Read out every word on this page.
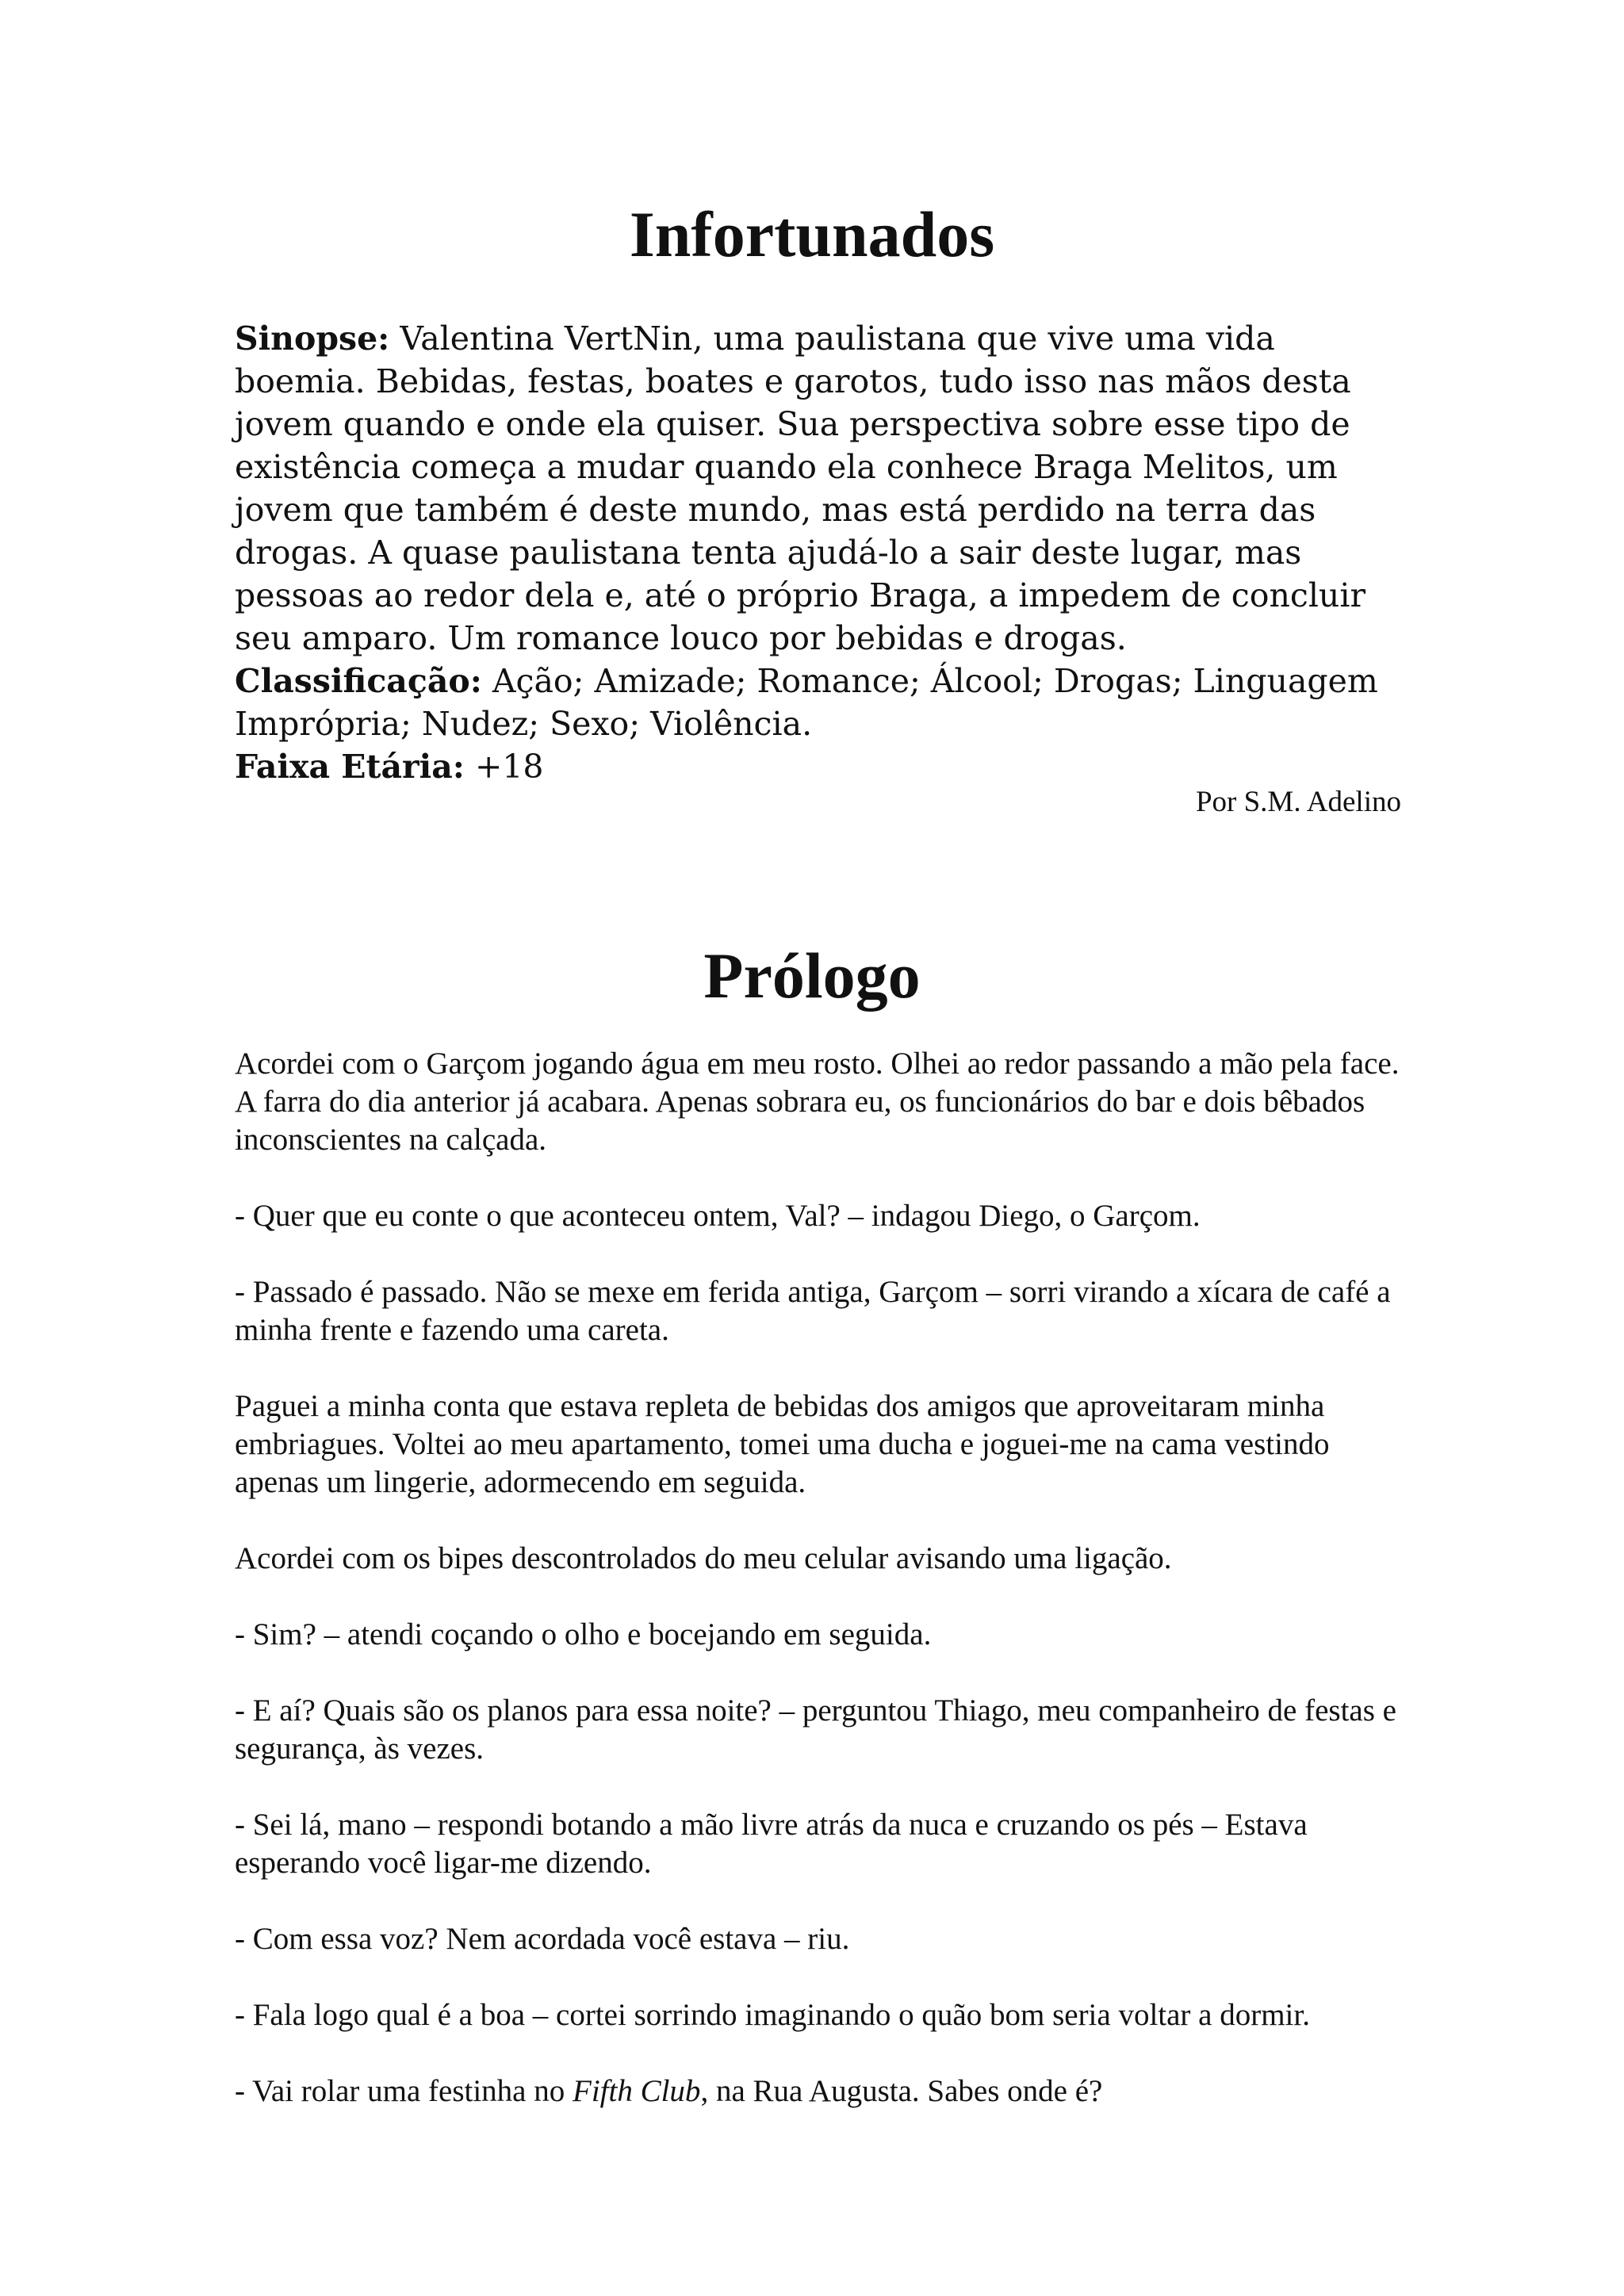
Infortunados

Sinopse: Valentina VertNin, uma paulistana que vive uma vida boemia. Bebidas, festas, boates e garotos, tudo isso nas mãos desta jovem quando e onde ela quiser. Sua perspectiva sobre esse tipo de existência começa a mudar quando ela conhece Braga Melitos, um jovem que também é deste mundo, mas está perdido na terra das drogas. A quase paulistana tenta ajudá-lo a sair deste lugar, mas pessoas ao redor dela e, até o próprio Braga, a impedem de concluir seu amparo. Um romance louco por bebidas e drogas.

Classificação: Ação; Amizade; Romance; Álcool; Drogas; Linguagem Imprópria; Nudez; Sexo; Violência.

Faixa Etária: +18

Por S.M. Adelino

Prólogo

Acordei com o Garçom jogando água em meu rosto. Olhei ao redor passando a mão pela face. A farra do dia anterior já acabara. Apenas sobrara eu, os funcionários do bar e dois bêbados inconscientes na calçada.

- Quer que eu conte o que aconteceu ontem, Val? – indagou Diego, o Garçom.

- Passado é passado. Não se mexe em ferida antiga, Garçom – sorri virando a xícara de café a minha frente e fazendo uma careta.

Paguei a minha conta que estava repleta de bebidas dos amigos que aproveitaram minha embriagues. Voltei ao meu apartamento, tomei uma ducha e joguei-me na cama vestindo apenas um lingerie, adormecendo em seguida.

Acordei com os bipes descontrolados do meu celular avisando uma ligação.

- Sim? – atendi coçando o olho e bocejando em seguida.

- E aí? Quais são os planos para essa noite? – perguntou Thiago, meu companheiro de festas e segurança, às vezes.

- Sei lá, mano – respondi botando a mão livre atrás da nuca e cruzando os pés – Estava esperando você ligar-me dizendo.

- Com essa voz? Nem acordada você estava – riu.

- Fala logo qual é a boa – cortei sorrindo imaginando o quão bom seria voltar a dormir.

- Vai rolar uma festinha no Fifth Club, na Rua Augusta. Sabes onde é?
